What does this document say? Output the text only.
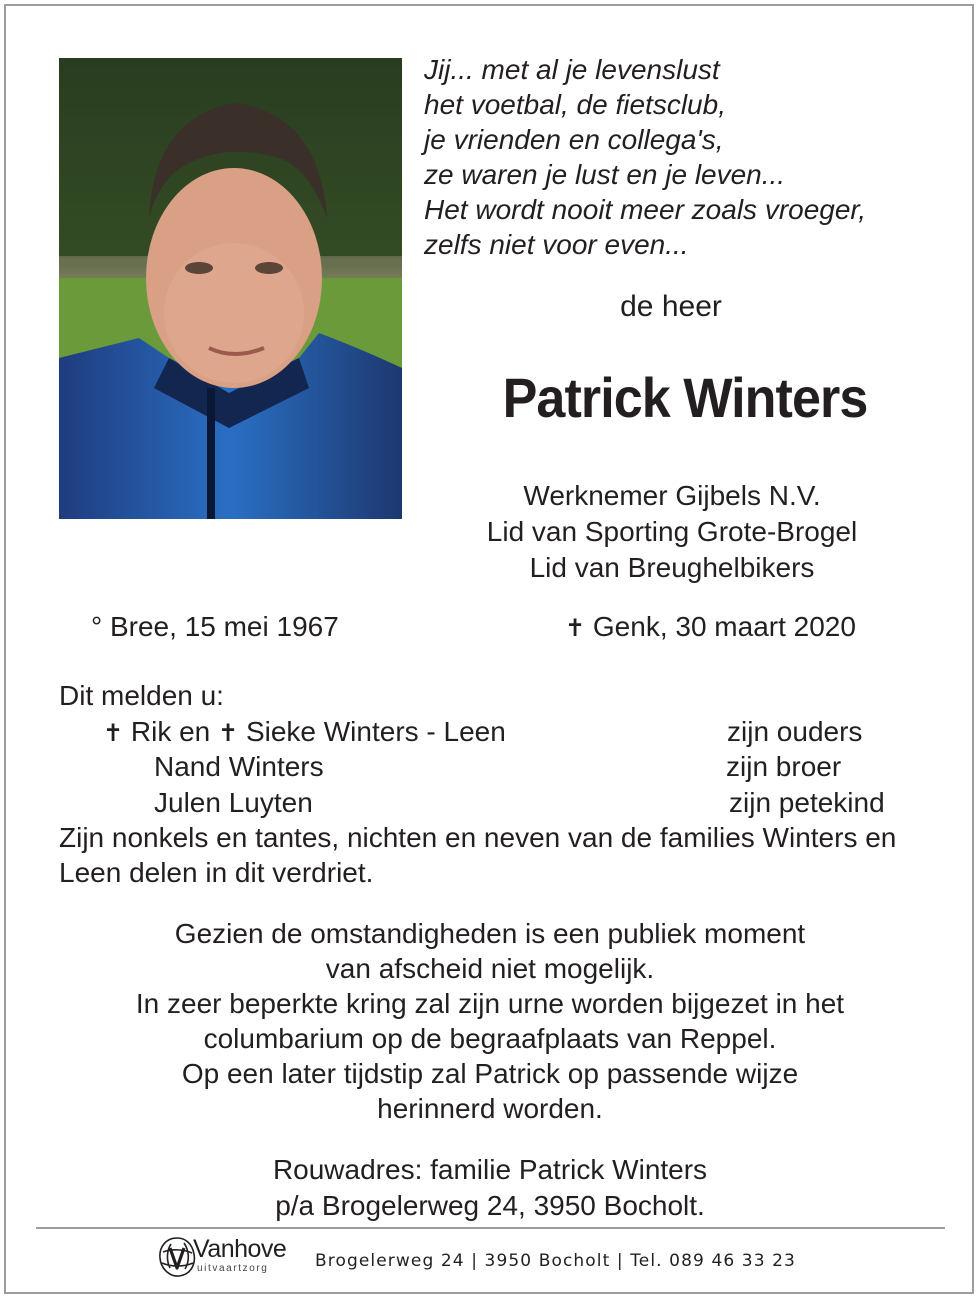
Jij... met al je levenslust
het voetbal, de fietsclub,
je vrienden en collega's,
ze waren je lust en je leven...
Het wordt nooit meer zoals vroeger,
zelfs niet voor even...
de heer
Patrick Winters
Werknemer Gijbels N.V.
Lid van Sporting Grote-Brogel
Lid van Breughelbikers
° Bree, 15 mei 1967	✝ Genk, 30 maart 2020
Dit melden u:
✝ Rik en ✝ Sieke Winters - Leen	zijn ouders
Nand Winters	zijn broer
Julen Luyten	zijn petekind
Zijn nonkels en tantes, nichten en neven van de families Winters en Leen delen in dit verdriet.
Gezien de omstandigheden is een publiek moment
van afscheid niet mogelijk.
In zeer beperkte kring zal zijn urne worden bijgezet in het
columbarium op de begraafplaats van Reppel.
Op een later tijdstip zal Patrick op passende wijze
herinnerd worden.
Rouwadres: familie Patrick Winters
p/a Brogelerweg 24, 3950 Bocholt.
Vanhove
uitvaartzorg	Brogelerweg 24 | 3950 Bocholt | Tel. 089 46 33 23
